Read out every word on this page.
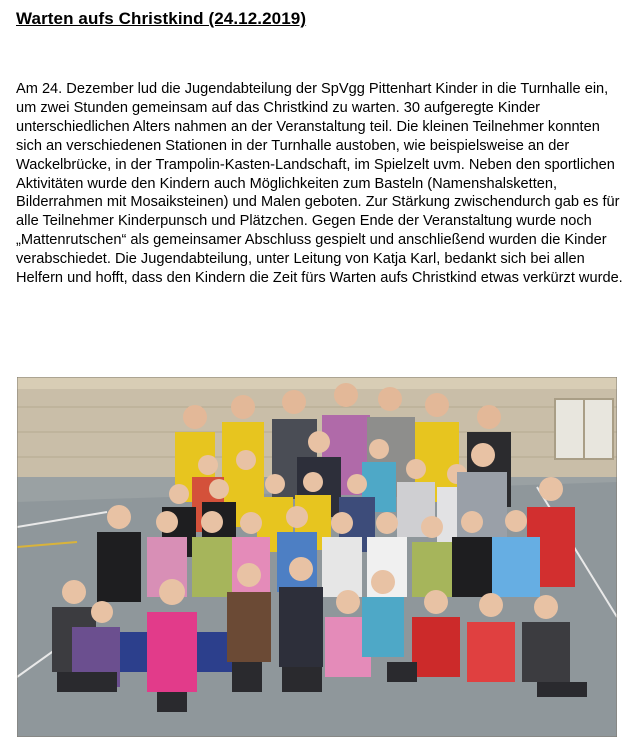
Warten aufs Christkind (24.12.2019)

Am 24. Dezember lud die Jugendabteilung der SpVgg Pittenhart Kinder in die Turnhalle ein, um zwei Stunden gemeinsam auf das Christkind zu warten. 30 aufgeregte Kinder unterschiedlichen Alters nahmen an der Veranstaltung teil. Die kleinen Teilnehmer konnten sich an verschiedenen Stationen in der Turnhalle austoben, wie beispielsweise an der Wackelbrücke, in der Trampolin-Kasten-Landschaft, im Spielzelt uvm. Neben den sportlichen Aktivitäten wurde den Kindern auch Möglichkeiten zum Basteln (Namenshalsketten, Bilderrahmen mit Mosaiksteinen) und Malen geboten. Zur Stärkung zwischendurch gab es für alle Teilnehmer Kinderpunsch und Plätzchen. Gegen Ende der Veranstaltung wurde noch „Mattenrutschen“ als gemeinsamer Abschluss gespielt und anschließend wurden die Kinder verabschiedet. Die Jugendabteilung, unter Leitung von Katja Karl, bedankt sich bei allen Helfern und hofft, dass den Kindern die Zeit fürs Warten aufs Christkind etwas verkürzt wurde.
